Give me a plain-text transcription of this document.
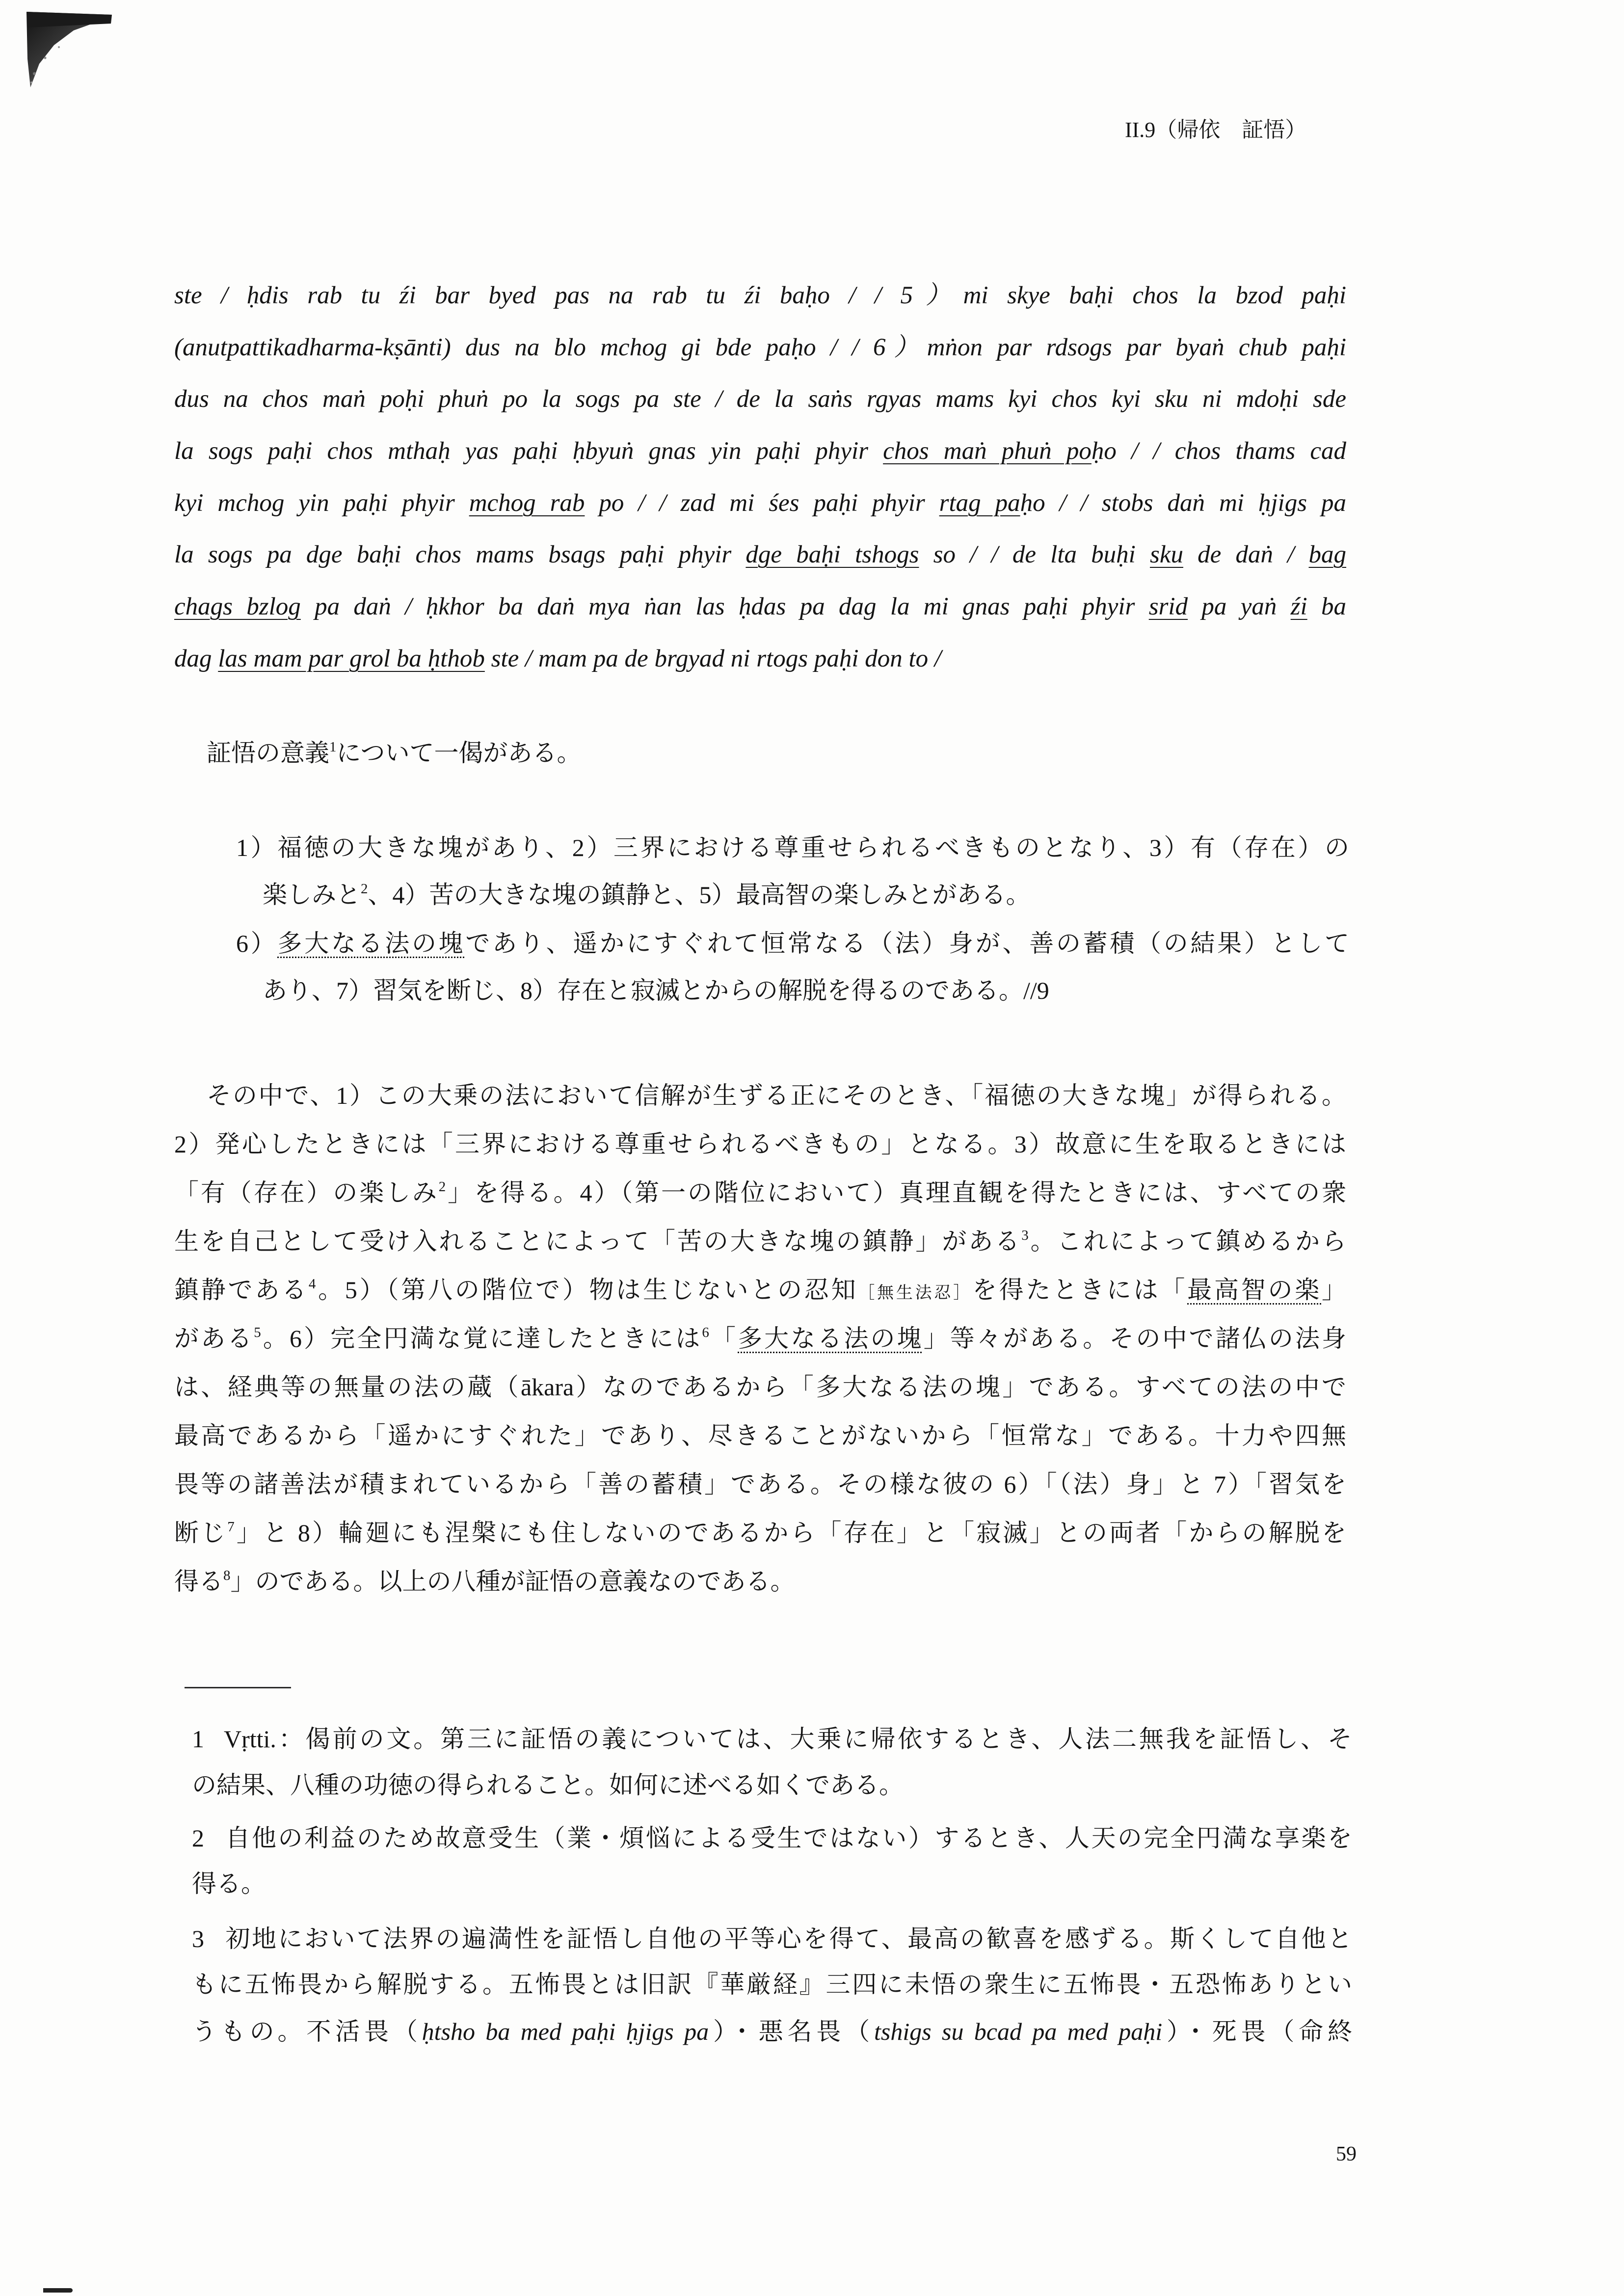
II.9（帰依　証悟）
ste / ḥdis rab tu źi bar byed pas na rab tu źi baḥo / / 5）mi skye baḥi chos la bzod paḥi
(anutpattikadharma-kṣānti) dus na blo mchog gi bde paḥo / / 6）mṅon par rdsogs par byaṅ chub paḥi
dus na chos maṅ poḥi phuṅ po la sogs pa ste / de la saṅs rgyas mams kyi chos kyi sku ni mdoḥi sde
la sogs paḥi chos mthaḥ yas paḥi ḥbyuṅ gnas yin paḥi phyir chos maṅ phuṅ poḥo / / chos thams cad
kyi mchog yin paḥi phyir mchog rab po / / zad mi śes paḥi phyir rtag paḥo / / stobs daṅ mi ḥjigs pa
la sogs pa dge baḥi chos mams bsags paḥi phyir dge baḥi tshogs so / / de lta buḥi sku de daṅ / bag
chags bzlog pa daṅ / ḥkhor ba daṅ mya ṅan las ḥdas pa dag la mi gnas paḥi phyir srid pa yaṅ źi ba
dag las mam par grol ba ḥthob ste / mam pa de brgyad ni rtogs paḥi don to /
証悟の意義$^1$について一偈がある。
1）福徳の大きな塊があり、2）三界における尊重せられるべきものとなり、3）有（存在）の
楽しみと$^2$、4）苦の大きな塊の鎮静と、5）最高智の楽しみとがある。
6）多大なる法の塊であり、遥かにすぐれて恒常なる（法）身が、善の蓄積（の結果）として
あり、7）習気を断じ、8）存在と寂滅とからの解脱を得るのである。//9
その中で、1）この大乗の法において信解が生ずる正にそのとき、「福徳の大きな塊」が得られる。
2）発心したときには「三界における尊重せられるべきもの」となる。3）故意に生を取るときには
「有（存在）の楽しみ$^2$」を得る。4）（第一の階位において）真理直観を得たときには、すべての衆
生を自己として受け入れることによって「苦の大きな塊の鎮静」がある$^3$。これによって鎮めるから
鎮静である$^4$。5）（第八の階位で）物は生じないとの忍知［無生法忍］を得たときには「最高智の楽」
がある$^5$。6）完全円満な覚に達したときには$^6$「多大なる法の塊」等々がある。その中で諸仏の法身
は、経典等の無量の法の蔵（ākara）なのであるから「多大なる法の塊」である。すべての法の中で
最高であるから「遥かにすぐれた」であり、尽きることがないから「恒常な」である。十力や四無
畏等の諸善法が積まれているから「善の蓄積」である。その様な彼の 6）「（法）身」と 7）「習気を
断じ$^7$」と 8）輪廻にも涅槃にも住しないのであるから「存在」と「寂滅」との両者「からの解脱を
得る$^8$」のである。以上の八種が証悟の意義なのである。
1 Vṛtti.：偈前の文。第三に証悟の義については、大乗に帰依するとき、人法二無我を証悟し、そ
の結果、八種の功徳の得られること。如何に述べる如くである。
2 自他の利益のため故意受生（業・煩悩による受生ではない）するとき、人天の完全円満な享楽を
得る。
3 初地において法界の遍満性を証悟し自他の平等心を得て、最高の歓喜を感ずる。斯くして自他と
もに五怖畏から解脱する。五怖畏とは旧訳『華厳経』三四に未悟の衆生に五怖畏・五恐怖ありとい
うもの。不活畏（ḥtsho ba med paḥi ḥjigs pa）・悪名畏（tshigs su bcad pa med paḥi）・死畏（命終
59
